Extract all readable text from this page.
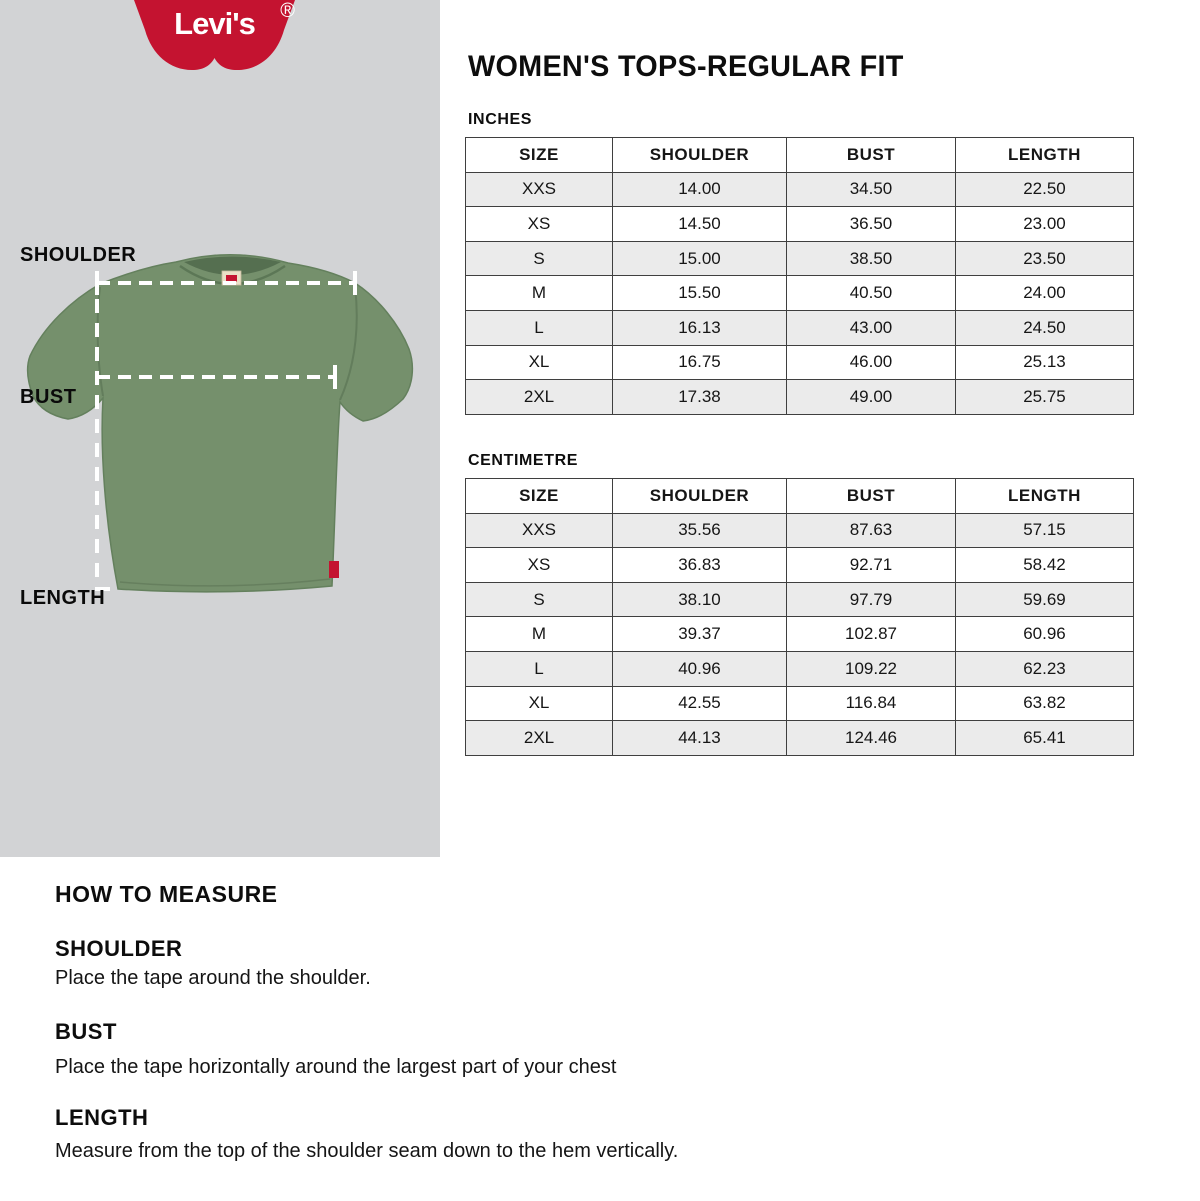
Levi's	®
SHOULDER
BUST
LENGTH
WOMEN'S TOPS-REGULAR FIT
INCHES
SIZE	SHOULDER	BUST	LENGTH
XXS	14.00	34.50	22.50
XS	14.50	36.50	23.00
S	15.00	38.50	23.50
M	15.50	40.50	24.00
L	16.13	43.00	24.50
XL	16.75	46.00	25.13
2XL	17.38	49.00	25.75
CENTIMETRE
SIZE	SHOULDER	BUST	LENGTH
XXS	35.56	87.63	57.15
XS	36.83	92.71	58.42
S	38.10	97.79	59.69
M	39.37	102.87	60.96
L	40.96	109.22	62.23
XL	42.55	116.84	63.82
2XL	44.13	124.46	65.41
HOW TO MEASURE
SHOULDER
Place the tape around the shoulder.
BUST
Place the tape horizontally around the largest part of your chest
LENGTH
Measure from the top of the shoulder seam down to the hem vertically.
